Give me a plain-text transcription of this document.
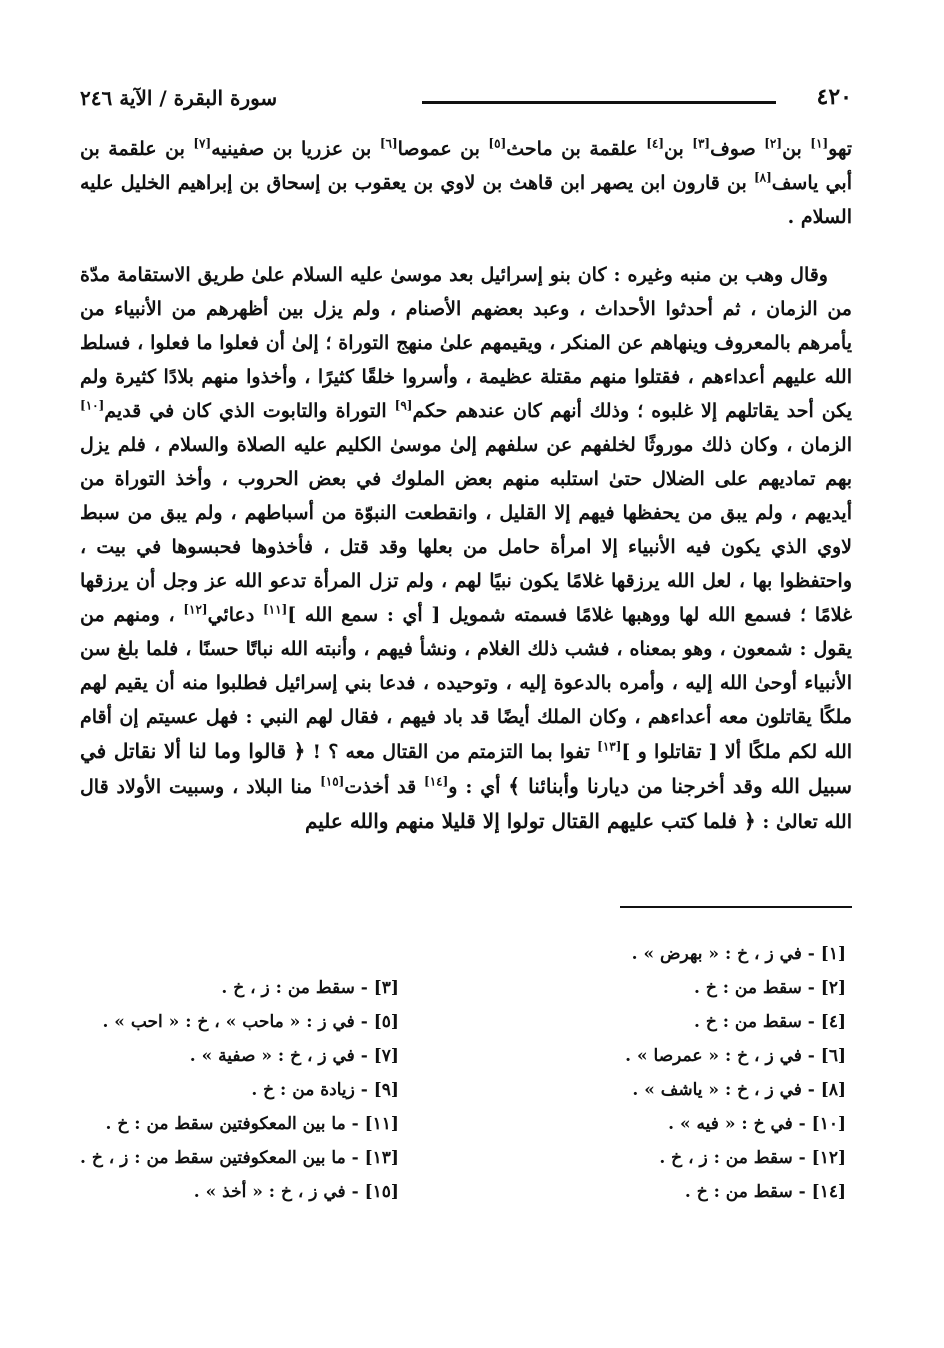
٤٢٠
سورة البقرة / الآية ٢٤٦

تهو[١] بن[٢] صوف[٣] بن[٤] علقمة بن ماحث[٥] بن عموصا[٦] بن عزريا بن صفينيه[٧] بن علقمة بن أبي ياسف[٨] بن قارون ابن يصهر ابن قاهث بن لاوي بن يعقوب بن إسحاق بن إبراهيم الخليل عليه السلام .

وقال وهب بن منبه وغيره : كان بنو إسرائيل بعد موسىٰ عليه السلام علىٰ طريق الاستقامة مدّة من الزمان ، ثم أحدثوا الأحداث ، وعبد بعضهم الأصنام ، ولم يزل بين أظهرهم من الأنبياء من يأمرهم بالمعروف وينهاهم عن المنكر ، ويقيمهم علىٰ منهج التوراة ؛ إلىٰ أن فعلوا ما فعلوا ، فسلط الله عليهم أعداءهم ، فقتلوا منهم مقتلة عظيمة ، وأسروا خلقًا كثيرًا ، وأخذوا منهم بلادًا كثيرة ولم يكن أحد يقاتلهم إلا غلبوه ؛ وذلك أنهم كان عندهم حكم[٩] التوراة والتابوت الذي كان في قديم[١٠] الزمان ، وكان ذلك موروثًا لخلفهم عن سلفهم إلىٰ موسىٰ الكليم عليه الصلاة والسلام ، فلم يزل بهم تماديهم على الضلال حتىٰ استلبه منهم بعض الملوك في بعض الحروب ، وأخذ التوراة من أيديهم ، ولم يبق من يحفظها فيهم إلا القليل ، وانقطعت النبوّة من أسباطهم ، ولم يبق من سبط لاوي الذي يكون فيه الأنبياء إلا امرأة حامل من بعلها وقد قتل ، فأخذوها فحبسوها في بيت ، واحتفظوا بها ، لعل الله يرزقها غلامًا يكون نبيًا لهم ، ولم تزل المرأة تدعو الله عز وجل أن يرزقها غلامًا ؛ فسمع الله لها ووهبها غلامًا فسمته شمويل [ أي : سمع الله ][١١] دعائي[١٢] ، ومنهم من يقول : شمعون ، وهو بمعناه ، فشب ذلك الغلام ، ونشأ فيهم ، وأنبته الله نباتًا حسنًا ، فلما بلغ سن الأنبياء أوحىٰ الله إليه ، وأمره بالدعوة إليه ، وتوحيده ، فدعا بني إسرائيل فطلبوا منه أن يقيم لهم ملكًا يقاتلون معه أعداءهم ، وكان الملك أيضًا قد باد فيهم ، فقال لهم النبي : فهل عسيتم إن أقام الله لكم ملكًا ألا [ تقاتلوا و ][١٣] تفوا بما التزمتم من القتال معه ؟ ! ﴿ قالوا وما لنا ألا نقاتل في سبيل الله وقد أخرجنا من ديارنا وأبنائنا ﴾ أي : و[١٤] قد أخذت[١٥] منا البلاد ، وسبيت الأولاد قال الله تعالىٰ : ﴿ فلما كتب عليهم القتال تولوا إلا قليلا منهم والله عليم

[١] - في ز ، خ : « بهرض » .
[٢] - سقط من : خ .
[٣] - سقط من : ز ، خ .
[٤] - سقط من : خ .
[٥] - في ز : « ماحب » ، خ : « احب » .
[٦] - في ز ، خ : « عمرصا » .
[٧] - في ز ، خ : « صفية » .
[٨] - في ز ، خ : « ياشف » .
[٩] - زيادة من : خ .
[١٠] - في خ : « فيه » .
[١١] - ما بين المعكوفتين سقط من : خ .
[١٢] - سقط من : ز ، خ .
[١٣] - ما بين المعكوفتين سقط من : ز ، خ .
[١٤] - سقط من : خ .
[١٥] - في ز ، خ : « أخذ » .
